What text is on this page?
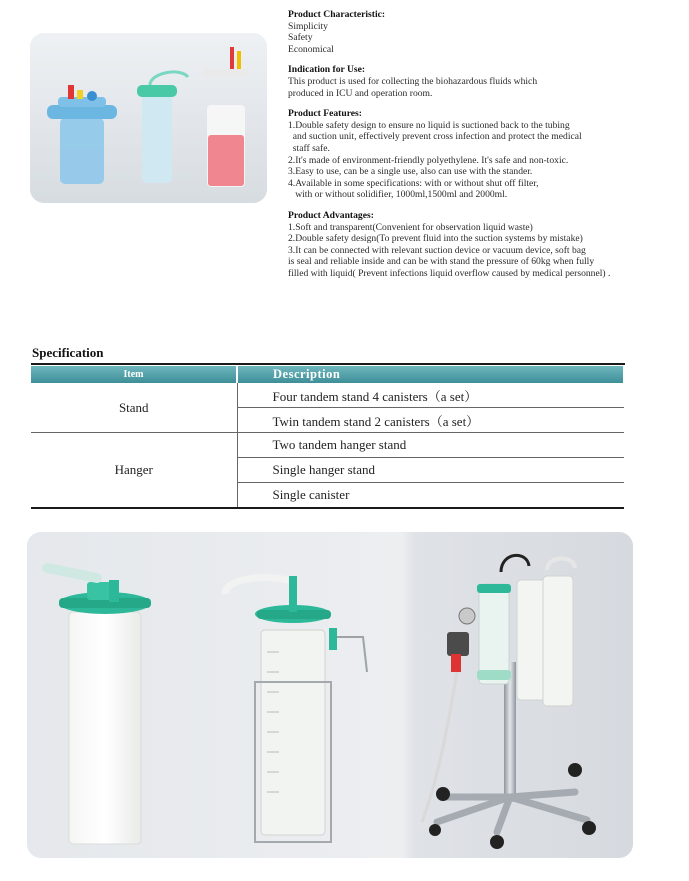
Product Characteristic:
Simplicity
Safety
Economical
Indication for Use:
This product is used for collecting the biohazardous fluids which
produced in ICU and operation room.
Product Features:
1.Double safety design to ensure no liquid is suctioned back to the tubing
and suction unit, effectively prevent cross infection and protect the medical
staff safe.
2.It's made of environment-friendly polyethylene. It's safe and non-toxic.
3.Easy to use, can be a single use, also can use with the stander.
4.Available in some specifications: with or without shut off filter,
with or without solidifier, 1000ml,1500ml and 2000ml.
Product Advantages:
1.Soft and transparent(Convenient for observation liquid waste)
2.Double safety design(To prevent fluid into the suction systems by mistake)
3.It can be connected with relevant suction device or vacuum device, soft bag
is seal and reliable inside and can be with stand the pressure of 60kg when fully
filled with liquid( Prevent infections liquid overflow caused by medical personnel) .
Specification
Item	Description
Stand	Four tandem stand 4 canisters（a set）
	Twin tandem stand 2 canisters（a set）
Hanger	Two tandem hanger stand
	Single hanger stand
	Single canister
